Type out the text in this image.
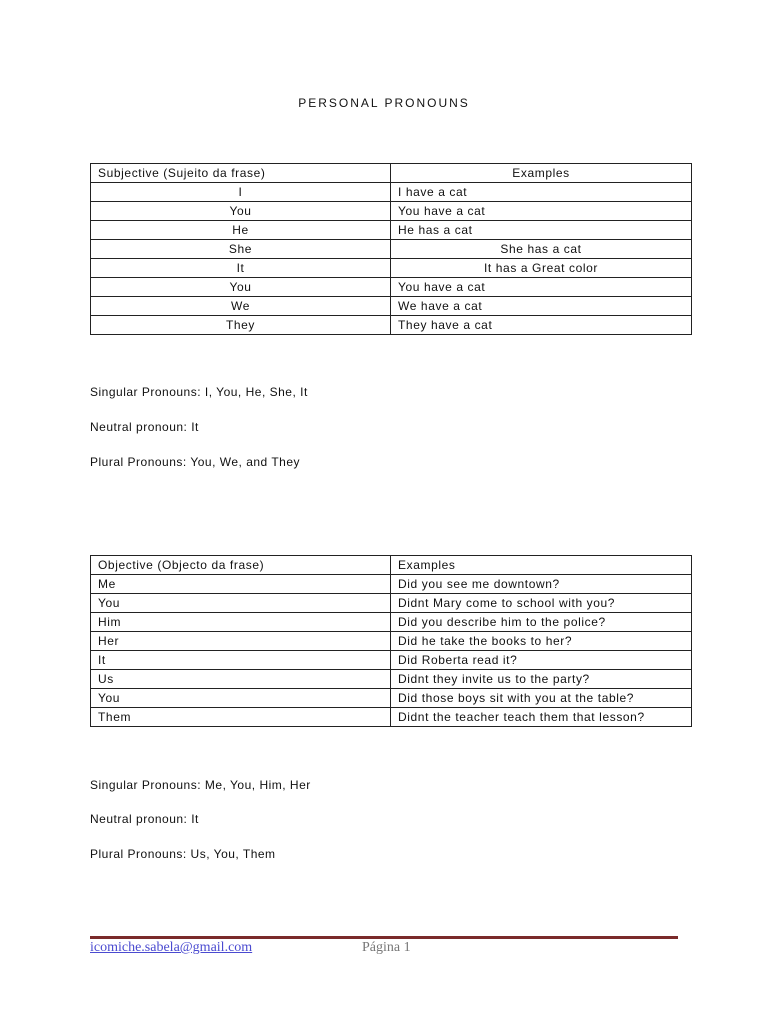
PERSONAL PRONOUNS
Subjective (Sujeito da frase)	Examples
I	I have a cat
You	You have a cat
He	He has a cat
She	She has a cat
It	It has a Great color
You	You have a cat
We	We have a cat
They	They have a cat
Singular Pronouns: I, You, He, She, It
Neutral pronoun: It
Plural Pronouns: You, We, and They
Objective (Objecto da frase)	Examples
Me	Did you see me downtown?
You	Didnt Mary come to school with you?
Him	Did you describe him to the police?
Her	Did he take the books to her?
It	Did Roberta read it?
Us	Didnt they invite us to the party?
You	Did those boys sit with you at the table?
Them	Didnt the teacher teach them that lesson?
Singular Pronouns: Me, You, Him, Her
Neutral pronoun: It
Plural Pronouns: Us, You, Them
icomiche.sabela@gmail.com	Página 1
